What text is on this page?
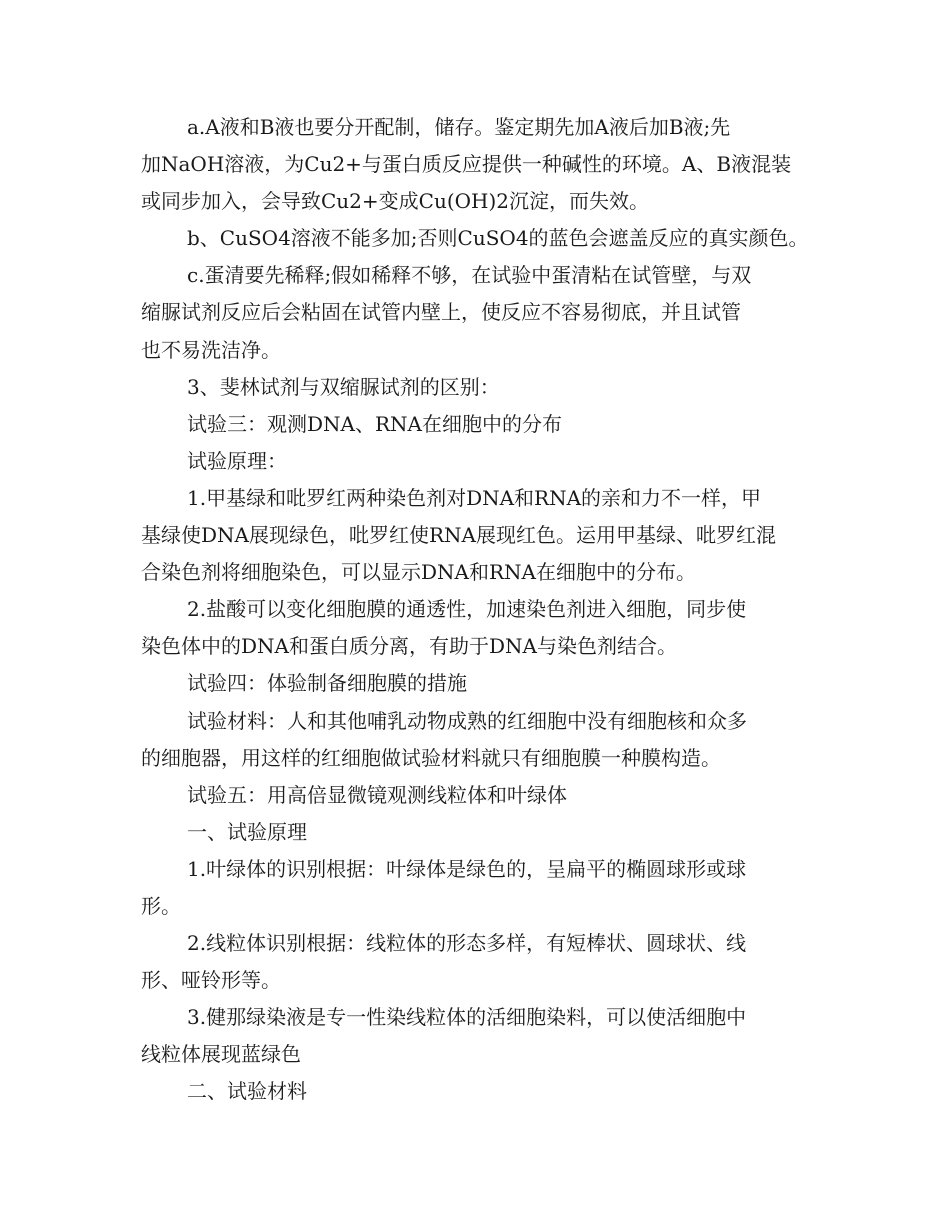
a.A液和B液也要分开配制，储存。鉴定期先加A液后加B液;先
加NaOH溶液，为Cu2+与蛋白质反应提供一种碱性的环境。A、B液混装
或同步加入，会导致Cu2+变成Cu(OH)2沉淀，而失效。
b、CuSO4溶液不能多加;否则CuSO4的蓝色会遮盖反应的真实颜色。
c.蛋清要先稀释;假如稀释不够，在试验中蛋清粘在试管壁，与双
缩脲试剂反应后会粘固在试管内壁上，使反应不容易彻底，并且试管
也不易洗洁净。
3、斐林试剂与双缩脲试剂的区别：
试验三：观测DNA、RNA在细胞中的分布
试验原理：
1.甲基绿和吡罗红两种染色剂对DNA和RNA的亲和力不一样，甲
基绿使DNA展现绿色，吡罗红使RNA展现红色。运用甲基绿、吡罗红混
合染色剂将细胞染色，可以显示DNA和RNA在细胞中的分布。
2.盐酸可以变化细胞膜的通透性，加速染色剂进入细胞，同步使
染色体中的DNA和蛋白质分离，有助于DNA与染色剂结合。
试验四：体验制备细胞膜的措施
试验材料：人和其他哺乳动物成熟的红细胞中没有细胞核和众多
的细胞器，用这样的红细胞做试验材料就只有细胞膜一种膜构造。
试验五：用高倍显微镜观测线粒体和叶绿体
一、试验原理
1.叶绿体的识别根据：叶绿体是绿色的，呈扁平的椭圆球形或球
形。
2.线粒体识别根据：线粒体的形态多样，有短棒状、圆球状、线
形、哑铃形等。
3.健那绿染液是专一性染线粒体的活细胞染料，可以使活细胞中
线粒体展现蓝绿色
二、试验材料
